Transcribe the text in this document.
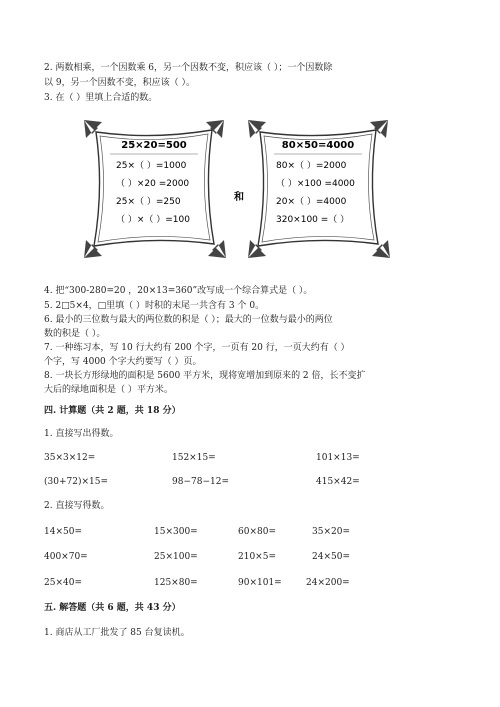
2. 两数相乘，一个因数乘 6，另一个因数不变，积应该（ ）；一个因数除
以 9，另一个因数不变，积应该（ ）。
3. 在（ ）里填上合适的数。
25×20=500
25×（ ）=1000
（ ）×20 =2000
25×（ ）=250
（ ）×（ ）=100
和
80×50=4000
80×（ ）=2000
（ ）×100 =4000
20×（ ）=4000
320×100 =（ ）
4. 把“300-280=20 ，20×13=360”改写成一个综合算式是（ ）。
5. 2□5×4，□里填（ ）时积的末尾一共含有 3 个 0。
6. 最小的三位数与最大的两位数的积是（ ）；最大的一位数与最小的两位
数的积是（ ）。
7. 一种练习本，写 10 行大约有 200 个字，一页有 20 行，一页大约有（ ）
个字，写 4000 个字大约要写（ ）页。
8. 一块长方形绿地的面积是 5600 平方米，现将宽增加到原来的 2 倍，长不变扩
大后的绿地面积是（ ）平方米。
四. 计算题（共 2 题，共 18 分）
1. 直接写出得数。
35×3×12=	152×15=	101×13=
(30+72)×15=	98−78−12=	415×42=
2. 直接写得数。
14×50=	15×300=	60×80=	35×20=
400×70=	25×100=	210×5=	24×50=
25×40=	125×80=	90×101=	24×200=
五. 解答题（共 6 题，共 43 分）
1. 商店从工厂批发了 85 台复读机。
